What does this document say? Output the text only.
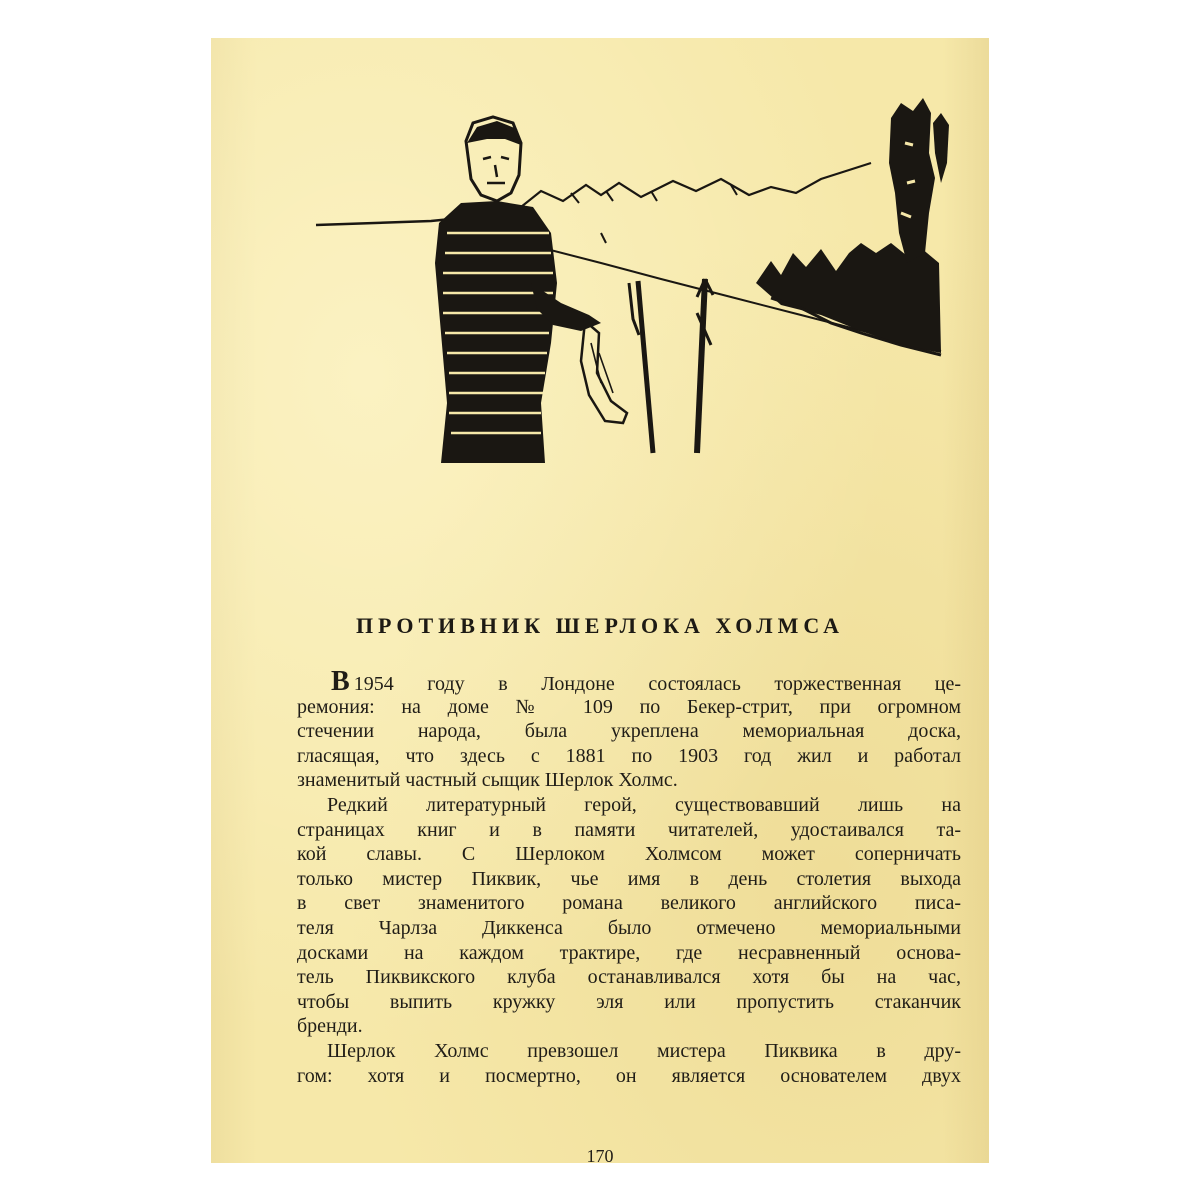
ПРОТИВНИК ШЕРЛОКА ХОЛМСА
В 1954 году в Лондоне состоялась торжественная це-
ремония: на доме № 109 по Бекер-стрит, при огромном
стечении народа, была укреплена мемориальная доска,
гласящая, что здесь с 1881 по 1903 год жил и работал
знаменитый частный сыщик Шерлок Холмс.
Редкий литературный герой, существовавший лишь на
страницах книг и в памяти читателей, удостаивался та-
кой славы. С Шерлоком Холмсом может соперничать
только мистер Пиквик, чье имя в день столетия выхода
в свет знаменитого романа великого английского писа-
теля Чарлза Диккенса было отмечено мемориальными
досками на каждом трактире, где несравненный основа-
тель Пиквикского клуба останавливался хотя бы на час,
чтобы выпить кружку эля или пропустить стаканчик
бренди.
Шерлок Холмс превзошел мистера Пиквика в дру-
гом: хотя и посмертно, он является основателем двух
170
